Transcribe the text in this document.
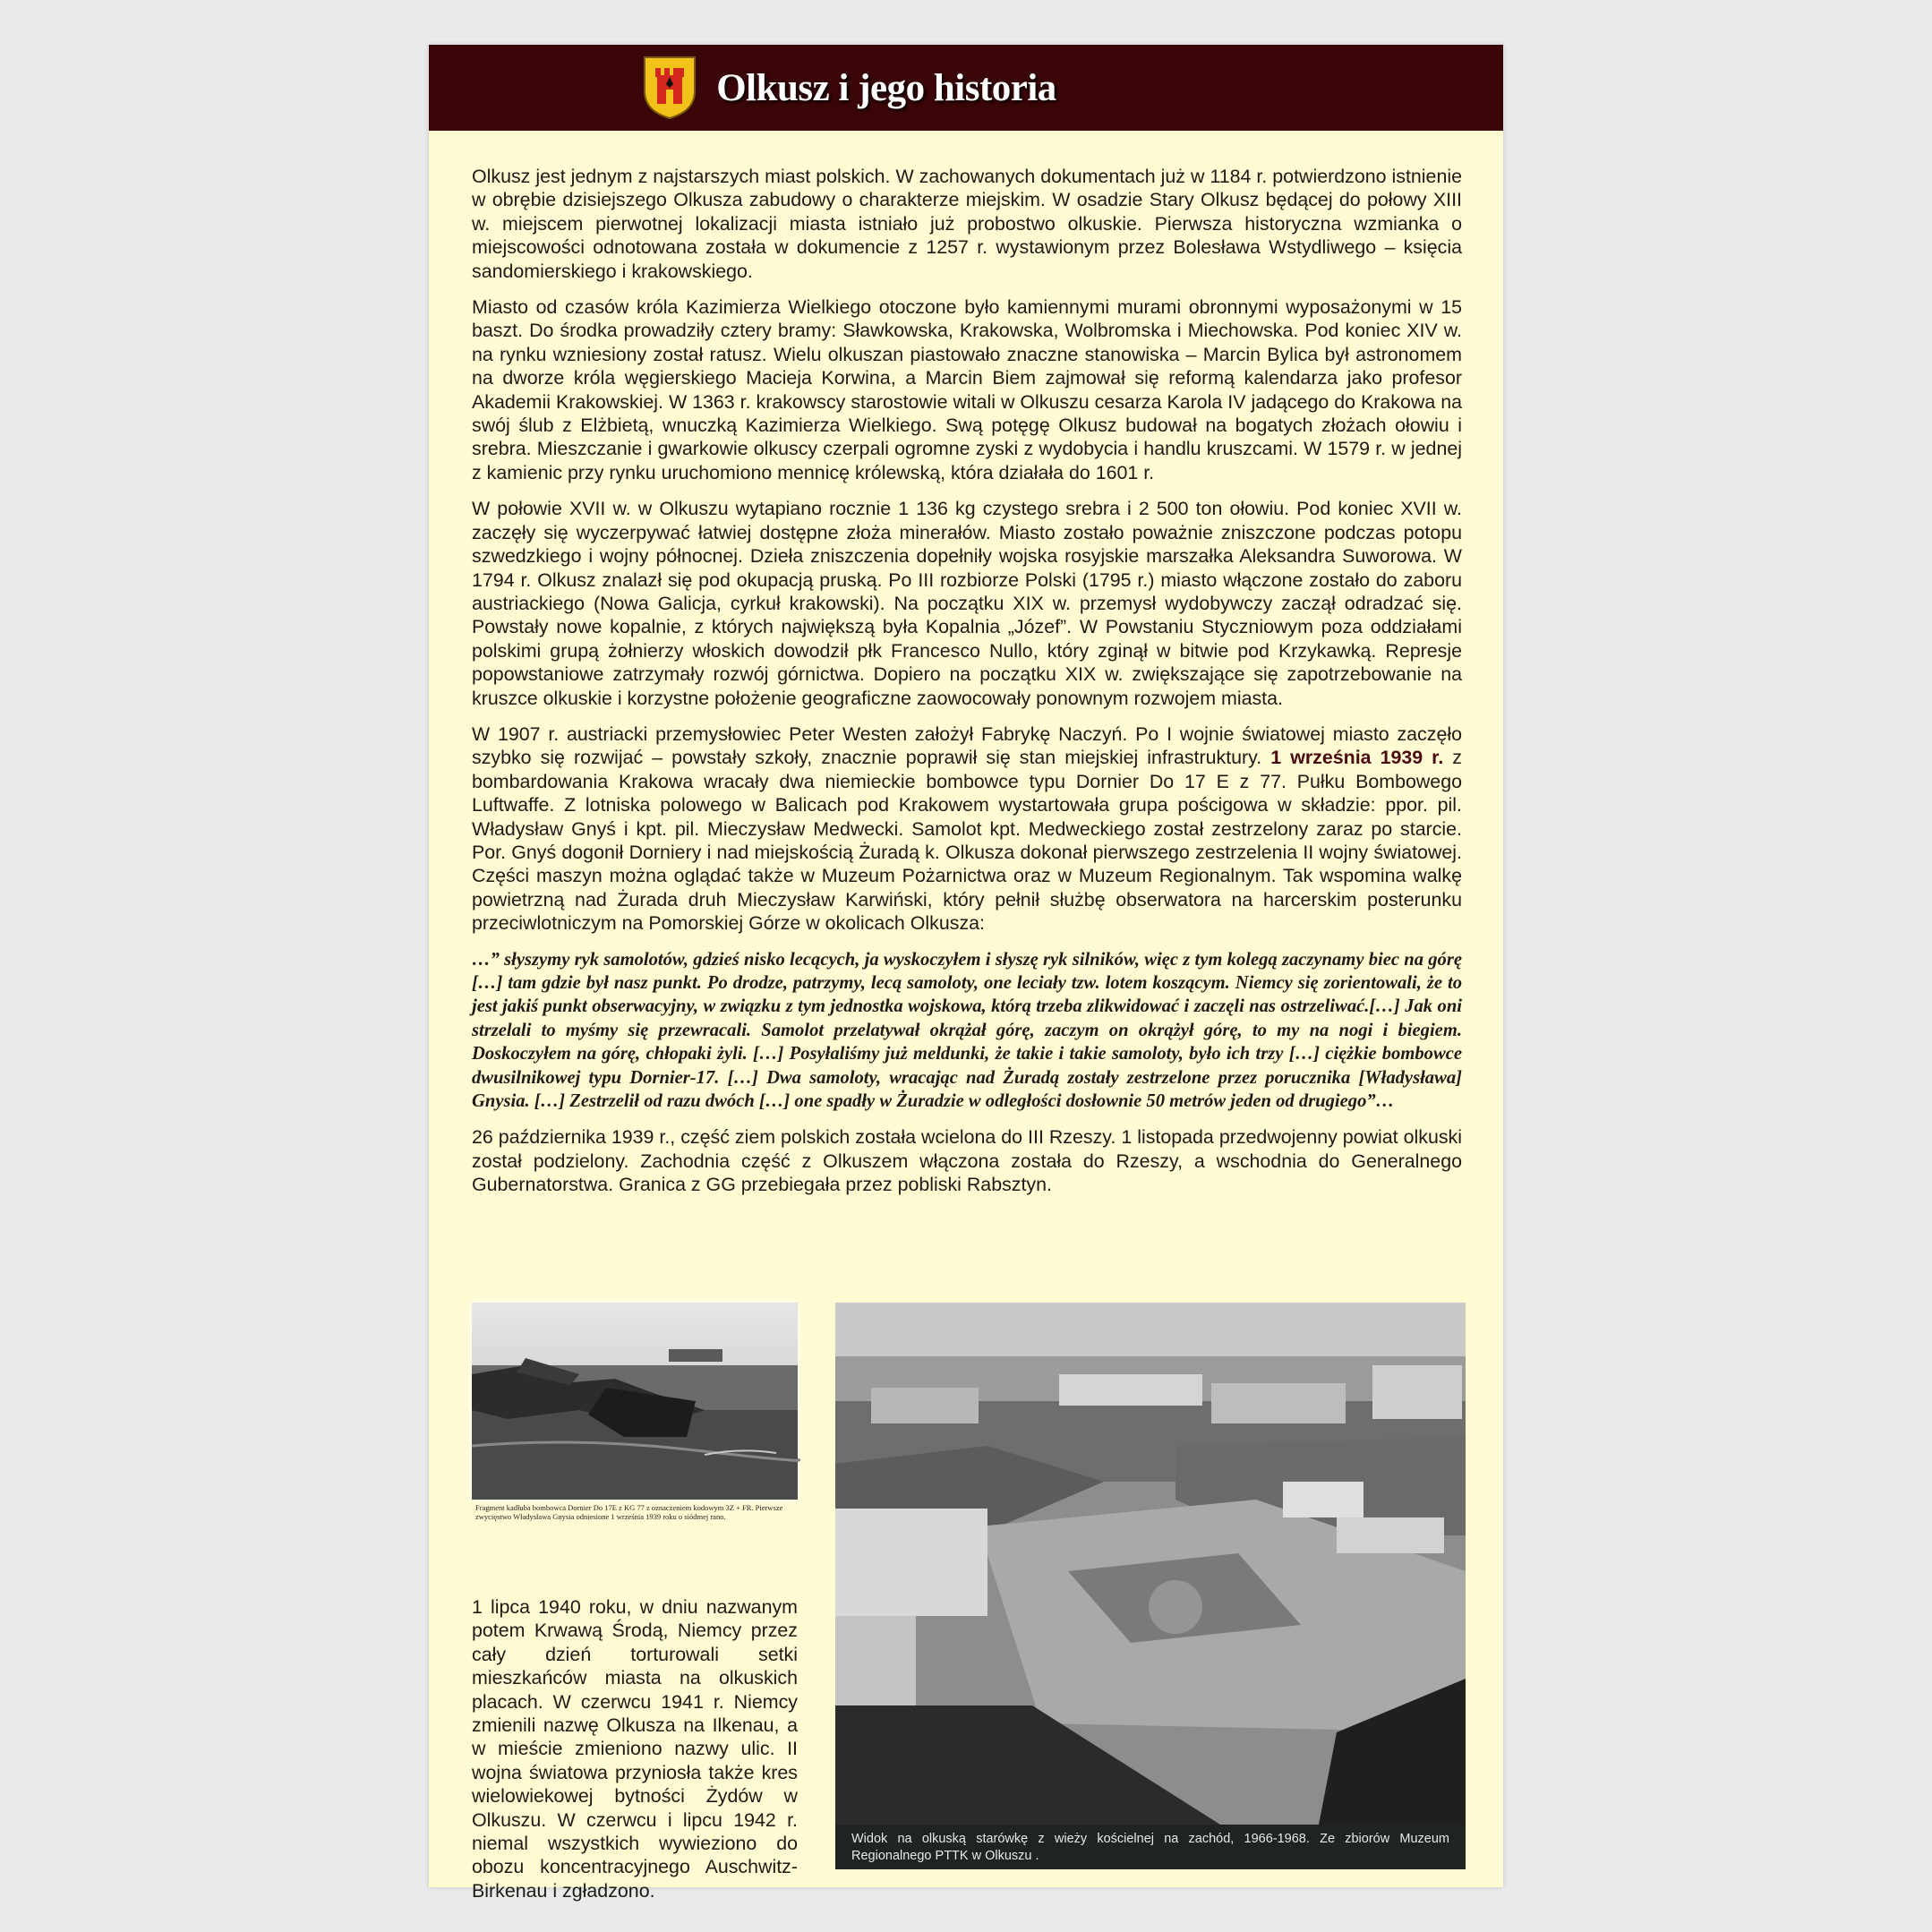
Olkusz i jego historia

Olkusz jest jednym z najstarszych miast polskich. W zachowanych dokumentach już w 1184 r. potwierdzono istnienie w obrębie dzisiejszego Olkusza zabudowy o charakterze miejskim. W osadzie Stary Olkusz będącej do połowy XIII w. miejscem pierwotnej lokalizacji miasta istniało już probostwo olkuskie. Pierwsza historyczna wzmianka o miejscowości odnotowana została w dokumencie z 1257 r. wystawionym przez Bolesława Wstydliwego – księcia sandomierskiego i krakowskiego.

Miasto od czasów króla Kazimierza Wielkiego otoczone było kamiennymi murami obronnymi wyposażonymi w 15 baszt. Do środka prowadziły cztery bramy: Sławkowska, Krakowska, Wolbromska i Miechowska. Pod koniec XIV w. na rynku wzniesiony został ratusz. Wielu olkuszan piastowało znaczne stanowiska – Marcin Bylica był astronomem na dworze króla węgierskiego Macieja Korwina, a Marcin Biem zajmował się reformą kalendarza jako profesor Akademii Krakowskiej. W 1363 r. krakowscy starostowie witali w Olkuszu cesarza Karola IV jadącego do Krakowa na swój ślub z Elżbietą, wnuczką Kazimierza Wielkiego. Swą potęgę Olkusz budował na bogatych złożach ołowiu i srebra. Mieszczanie i gwarkowie olkuscy czerpali ogromne zyski z wydobycia i handlu kruszcami. W 1579 r. w jednej z kamienic przy rynku uruchomiono mennicę królewską, która działała do 1601 r.

W połowie XVII w. w Olkuszu wytapiano rocznie 1 136 kg czystego srebra i 2 500 ton ołowiu. Pod koniec XVII w. zaczęły się wyczerpywać łatwiej dostępne złoża minerałów. Miasto zostało poważnie zniszczone podczas potopu szwedzkiego i wojny północnej. Dzieła zniszczenia dopełniły wojska rosyjskie marszałka Aleksandra Suworowa. W 1794 r. Olkusz znalazł się pod okupacją pruską. Po III rozbiorze Polski (1795 r.) miasto włączone zostało do zaboru austriackiego (Nowa Galicja, cyrkuł krakowski). Na początku XIX w. przemysł wydobywczy zaczął odradzać się. Powstały nowe kopalnie, z których największą była Kopalnia „Józef”. W Powstaniu Styczniowym poza oddziałami polskimi grupą żołnierzy włoskich dowodził płk Francesco Nullo, który zginął w bitwie pod Krzykawką. Represje popowstaniowe zatrzymały rozwój górnictwa. Dopiero na początku XIX w. zwiększające się zapotrzebowanie na kruszce olkuskie i korzystne położenie geograficzne zaowocowały ponownym rozwojem miasta.

W 1907 r. austriacki przemysłowiec Peter Westen założył Fabrykę Naczyń. Po I wojnie światowej miasto zaczęło szybko się rozwijać – powstały szkoły, znacznie poprawił się stan miejskiej infrastruktury. 1 września 1939 r. z bombardowania Krakowa wracały dwa niemieckie bombowce typu Dornier Do 17 E z 77. Pułku Bombowego Luftwaffe. Z lotniska polowego w Balicach pod Krakowem wystartowała grupa pościgowa w składzie: ppor. pil. Władysław Gnyś i kpt. pil. Mieczysław Medwecki. Samolot kpt. Medweckiego został zestrzelony zaraz po starcie. Por. Gnyś dogonił Dorniery i nad miejskością Żuradą k. Olkusza dokonał pierwszego zestrzelenia II wojny światowej. Części maszyn można oglądać także w Muzeum Pożarnictwa oraz w Muzeum Regionalnym. Tak wspomina walkę powietrzną nad Żurada druh Mieczysław Karwiński, który pełnił służbę obserwatora na harcerskim posterunku przeciwlotniczym na Pomorskiej Górze w okolicach Olkusza:

…” słyszymy ryk samolotów, gdzieś nisko lecących, ja wyskoczyłem i słyszę ryk silników, więc z tym kolegą zaczynamy biec na górę […] tam gdzie był nasz punkt. Po drodze, patrzymy, lecą samoloty, one leciały tzw. lotem koszącym. Niemcy się zorientowali, że to jest jakiś punkt obserwacyjny, w związku z tym jednostka wojskowa, którą trzeba zlikwidować i zaczęli nas ostrzeliwać.[…] Jak oni strzelali to myśmy się przewracali. Samolot przelatywał okrążał górę, zaczym on okrążył górę, to my na nogi i biegiem. Doskoczyłem na górę, chłopaki żyli. […] Posyłaliśmy już meldunki, że takie i takie samoloty, było ich trzy […] ciężkie bombowce dwusilnikowej typu Dornier-17. […] Dwa samoloty, wracając nad Żuradą zostały zestrzelone przez porucznika [Władysława] Gnysia. […] Zestrzelił od razu dwóch […] one spadły w Żuradzie w odległości dosłownie 50 metrów jeden od drugiego”…

26 października 1939 r., część ziem polskich została wcielona do III Rzeszy. 1 listopada przedwojenny powiat olkuski został podzielony. Zachodnia część z Olkuszem włączona została do Rzeszy, a wschodnia do Generalnego Gubernatorstwa. Granica z GG przebiegała przez pobliski Rabsztyn.

Fragment kadłuba bombowca Dornier Do 17E z KG 77 z oznaczeniem kodowym 3Z + FR. Pierwsze zwycięstwo Władysława Gnysia odniesione 1 września 1939 roku o siódmej rano.
1 lipca 1940 roku, w dniu nazwanym potem Krwawą Środą, Niemcy przez cały dzień torturowali setki mieszkańców miasta na olkuskich placach. W czerwcu 1941 r. Niemcy zmienili nazwę Olkusza na Ilkenau, a w mieście zmieniono nazwy ulic. II wojna światowa przyniosła także kres wielowiekowej bytności Żydów w Olkuszu. W czerwcu i lipcu 1942 r. niemal wszystkich wywieziono do obozu koncentracyjnego Auschwitz-Birkenau i zgładzono.
Widok na olkuską starówkę z wieży kościelnej na zachód, 1966-1968. Ze zbiorów Muzeum Regionalnego PTTK w Olkuszu .
